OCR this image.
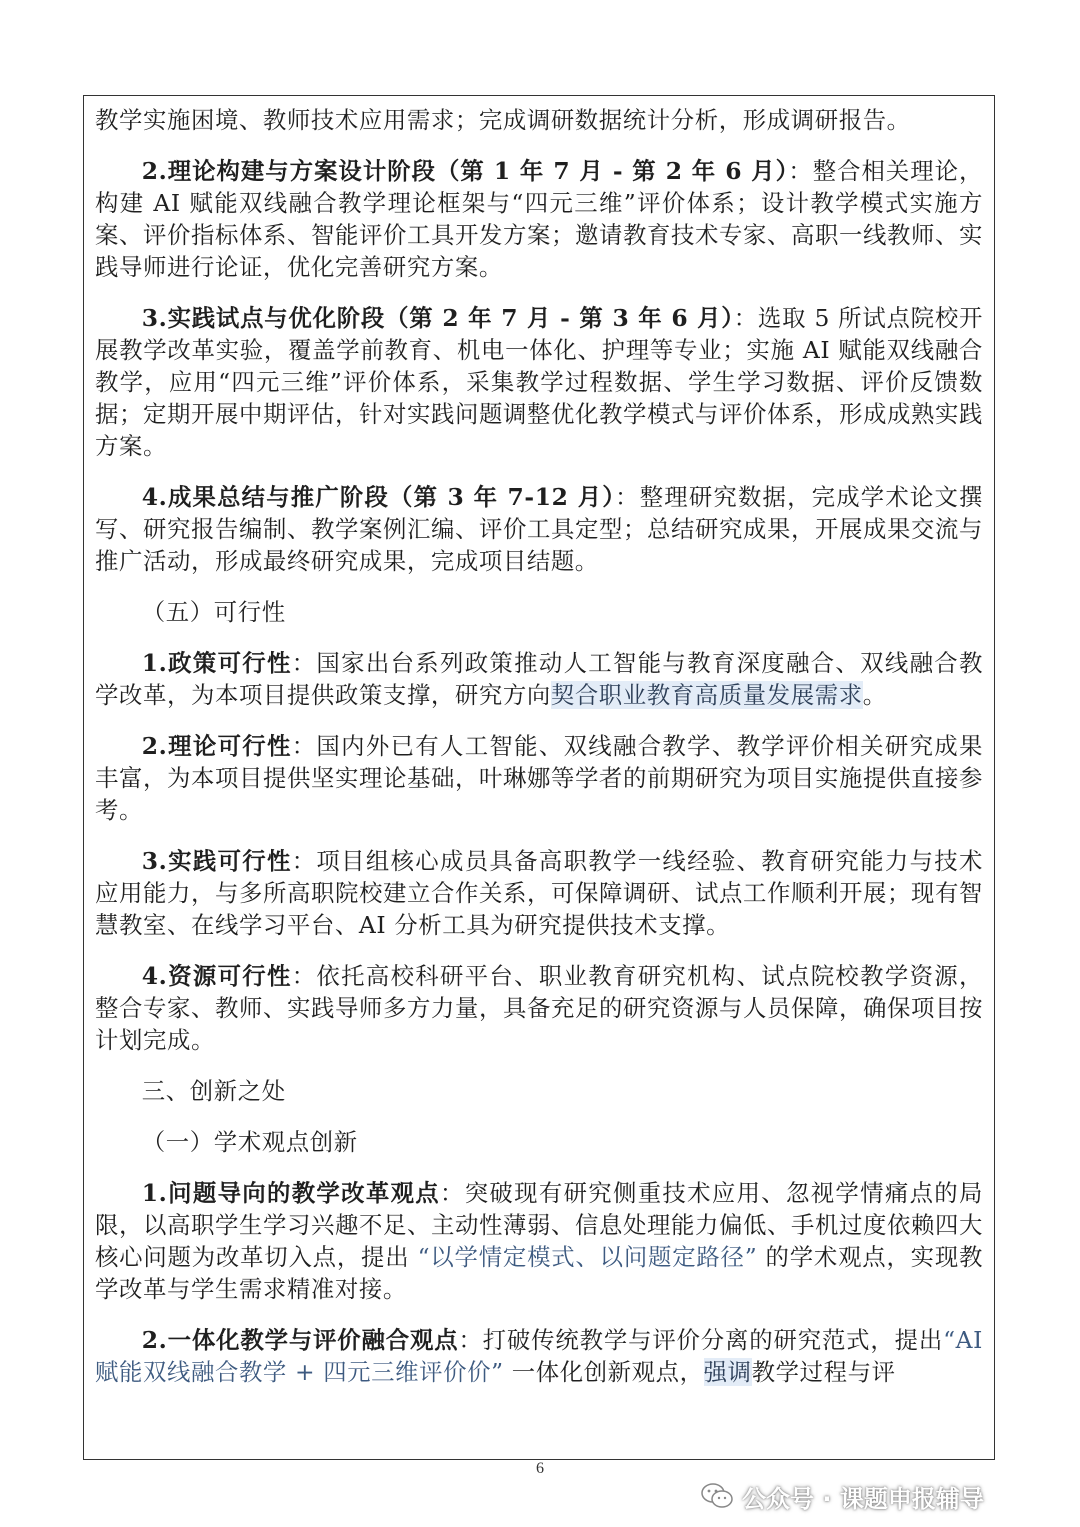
教学实施困境、教师技术应用需求；完成调研数据统计分析，形成调研报告。

2.理论构建与方案设计阶段（第 1 年 7 月 - 第 2 年 6 月）：整合相关理论，构建 AI 赋能双线融合教学理论框架与“四元三维”评价体系；设计教学模式实施方案、评价指标体系、智能评价工具开发方案；邀请教育技术专家、高职一线教师、实践导师进行论证，优化完善研究方案。

3.实践试点与优化阶段（第 2 年 7 月 - 第 3 年 6 月）：选取 5 所试点院校开展教学改革实验，覆盖学前教育、机电一体化、护理等专业；实施 AI 赋能双线融合教学，应用“四元三维”评价体系，采集教学过程数据、学生学习数据、评价反馈数据；定期开展中期评估，针对实践问题调整优化教学模式与评价体系，形成成熟实践方案。

4.成果总结与推广阶段（第 3 年 7-12 月）：整理研究数据，完成学术论文撰写、研究报告编制、教学案例汇编、评价工具定型；总结研究成果，开展成果交流与推广活动，形成最终研究成果，完成项目结题。

（五）可行性

1.政策可行性：国家出台系列政策推动人工智能与教育深度融合、双线融合教学改革，为本项目提供政策支撑，研究方向契合职业教育高质量发展需求。

2.理论可行性：国内外已有人工智能、双线融合教学、教学评价相关研究成果丰富，为本项目提供坚实理论基础，叶琳娜等学者的前期研究为项目实施提供直接参考。

3.实践可行性：项目组核心成员具备高职教学一线经验、教育研究能力与技术应用能力，与多所高职院校建立合作关系，可保障调研、试点工作顺利开展；现有智慧教室、在线学习平台、AI 分析工具为研究提供技术支撑。

4.资源可行性：依托高校科研平台、职业教育研究机构、试点院校教学资源，整合专家、教师、实践导师多方力量，具备充足的研究资源与人员保障，确保项目按计划完成。

三、创新之处

（一）学术观点创新

1.问题导向的教学改革观点：突破现有研究侧重技术应用、忽视学情痛点的局限，以高职学生学习兴趣不足、主动性薄弱、信息处理能力偏低、手机过度依赖四大核心问题为改革切入点，提出 “以学情定模式、以问题定路径” 的学术观点，实现教学改革与学生需求精准对接。

2.一体化教学与评价融合观点：打破传统教学与评价分离的研究范式，提出“AI 赋能双线融合教学 + 四元三维评价价” 一体化创新观点，强调教学过程与评

6
公众号 · 课题申报辅导
